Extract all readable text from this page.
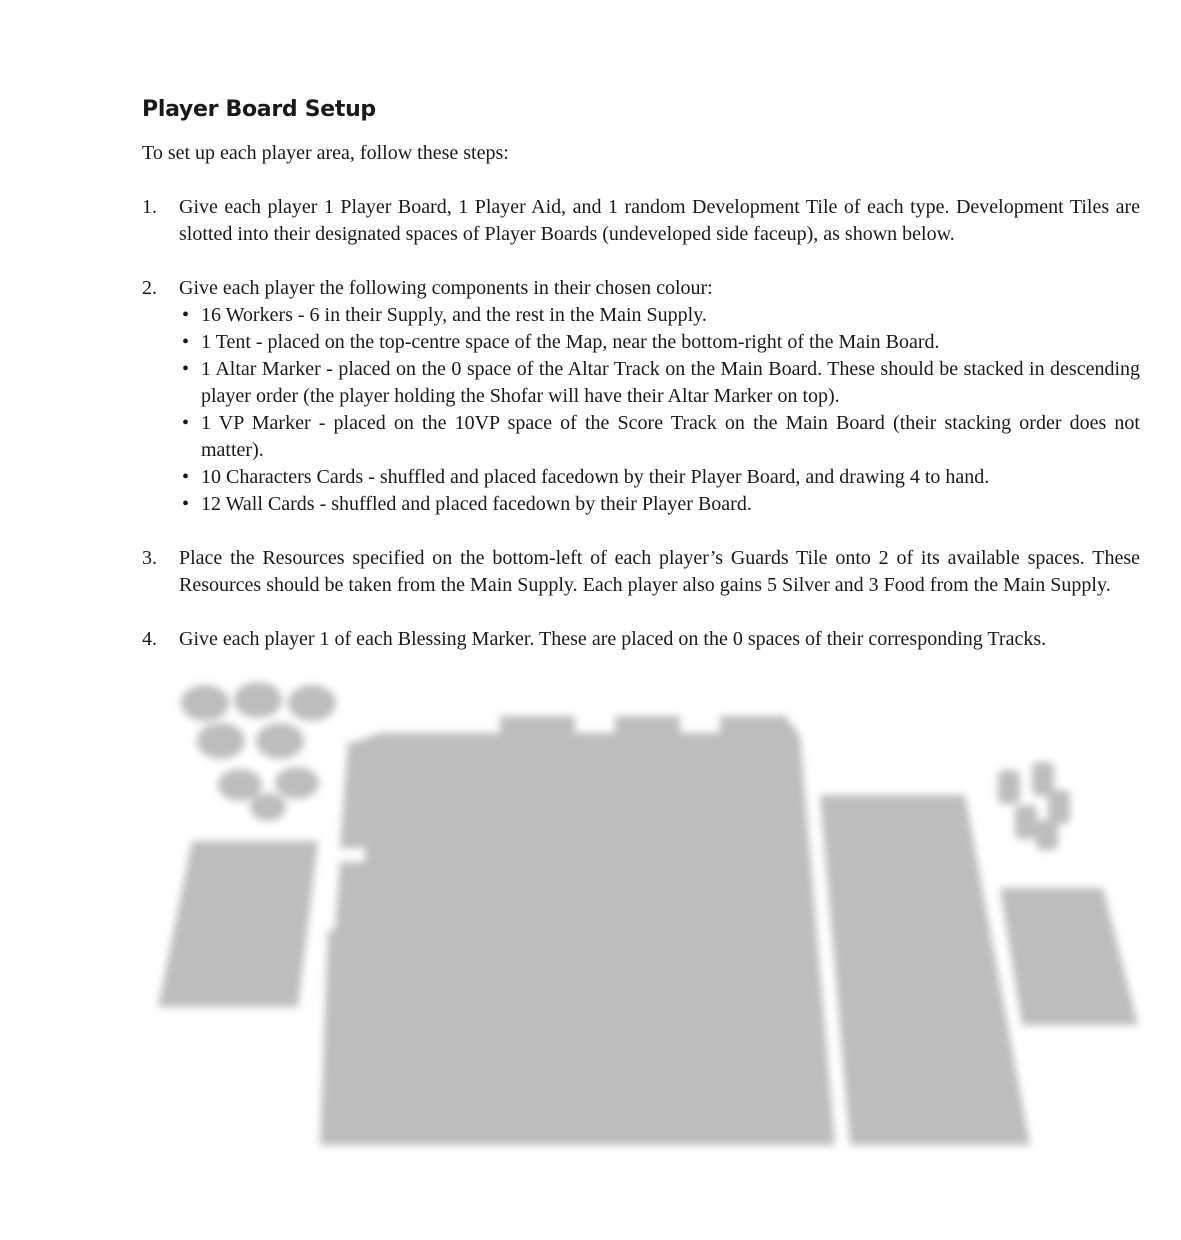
Player Board Setup

To set up each player area, follow these steps:

1. Give each player 1 Player Board, 1 Player Aid, and 1 random Development Tile of each type. Development Tiles are slotted into their designated spaces of Player Boards (undeveloped side faceup), as shown below.
2. Give each player the following components in their chosen colour:
• 16 Workers - 6 in their Supply, and the rest in the Main Supply.
• 1 Tent - placed on the top-centre space of the Map, near the bottom-right of the Main Board.
• 1 Altar Marker - placed on the 0 space of the Altar Track on the Main Board. These should be stacked in descending player order (the player holding the Shofar will have their Altar Marker on top).
• 1 VP Marker - placed on the 10VP space of the Score Track on the Main Board (their stacking order does not matter).
• 10 Characters Cards - shuffled and placed facedown by their Player Board, and drawing 4 to hand.
• 12 Wall Cards - shuffled and placed facedown by their Player Board.
3. Place the Resources specified on the bottom-left of each player’s Guards Tile onto 2 of its available spaces. These Resources should be taken from the Main Supply. Each player also gains 5 Silver and 3 Food from the Main Supply.
4. Give each player 1 of each Blessing Marker. These are placed on the 0 spaces of their corresponding Tracks.
